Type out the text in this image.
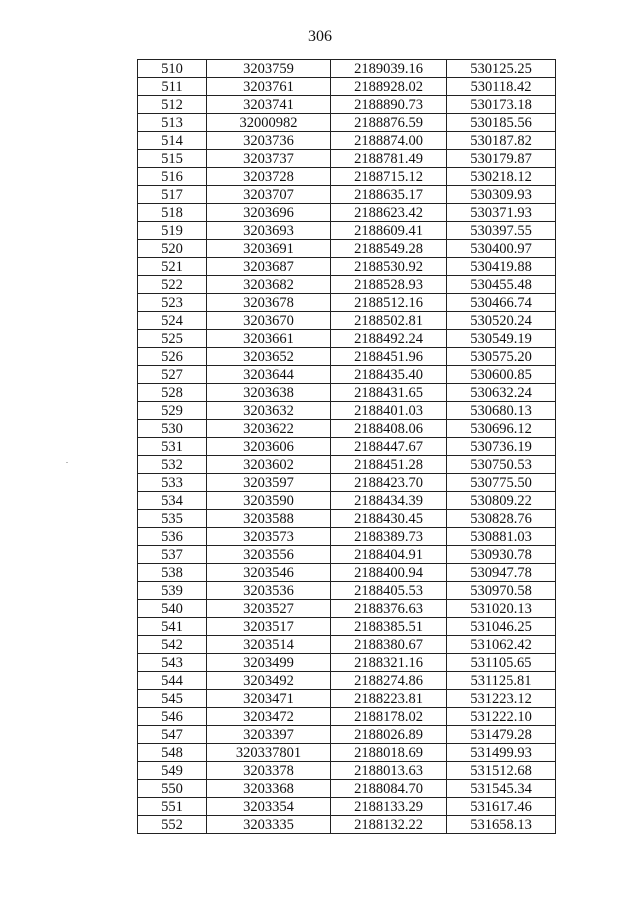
306
510	3203759	2189039.16	530125.25
511	3203761	2188928.02	530118.42
512	3203741	2188890.73	530173.18
513	32000982	2188876.59	530185.56
514	3203736	2188874.00	530187.82
515	3203737	2188781.49	530179.87
516	3203728	2188715.12	530218.12
517	3203707	2188635.17	530309.93
518	3203696	2188623.42	530371.93
519	3203693	2188609.41	530397.55
520	3203691	2188549.28	530400.97
521	3203687	2188530.92	530419.88
522	3203682	2188528.93	530455.48
523	3203678	2188512.16	530466.74
524	3203670	2188502.81	530520.24
525	3203661	2188492.24	530549.19
526	3203652	2188451.96	530575.20
527	3203644	2188435.40	530600.85
528	3203638	2188431.65	530632.24
529	3203632	2188401.03	530680.13
530	3203622	2188408.06	530696.12
531	3203606	2188447.67	530736.19
532	3203602	2188451.28	530750.53
533	3203597	2188423.70	530775.50
534	3203590	2188434.39	530809.22
535	3203588	2188430.45	530828.76
536	3203573	2188389.73	530881.03
537	3203556	2188404.91	530930.78
538	3203546	2188400.94	530947.78
539	3203536	2188405.53	530970.58
540	3203527	2188376.63	531020.13
541	3203517	2188385.51	531046.25
542	3203514	2188380.67	531062.42
543	3203499	2188321.16	531105.65
544	3203492	2188274.86	531125.81
545	3203471	2188223.81	531223.12
546	3203472	2188178.02	531222.10
547	3203397	2188026.89	531479.28
548	320337801	2188018.69	531499.93
549	3203378	2188013.63	531512.68
550	3203368	2188084.70	531545.34
551	3203354	2188133.29	531617.46
552	3203335	2188132.22	531658.13
